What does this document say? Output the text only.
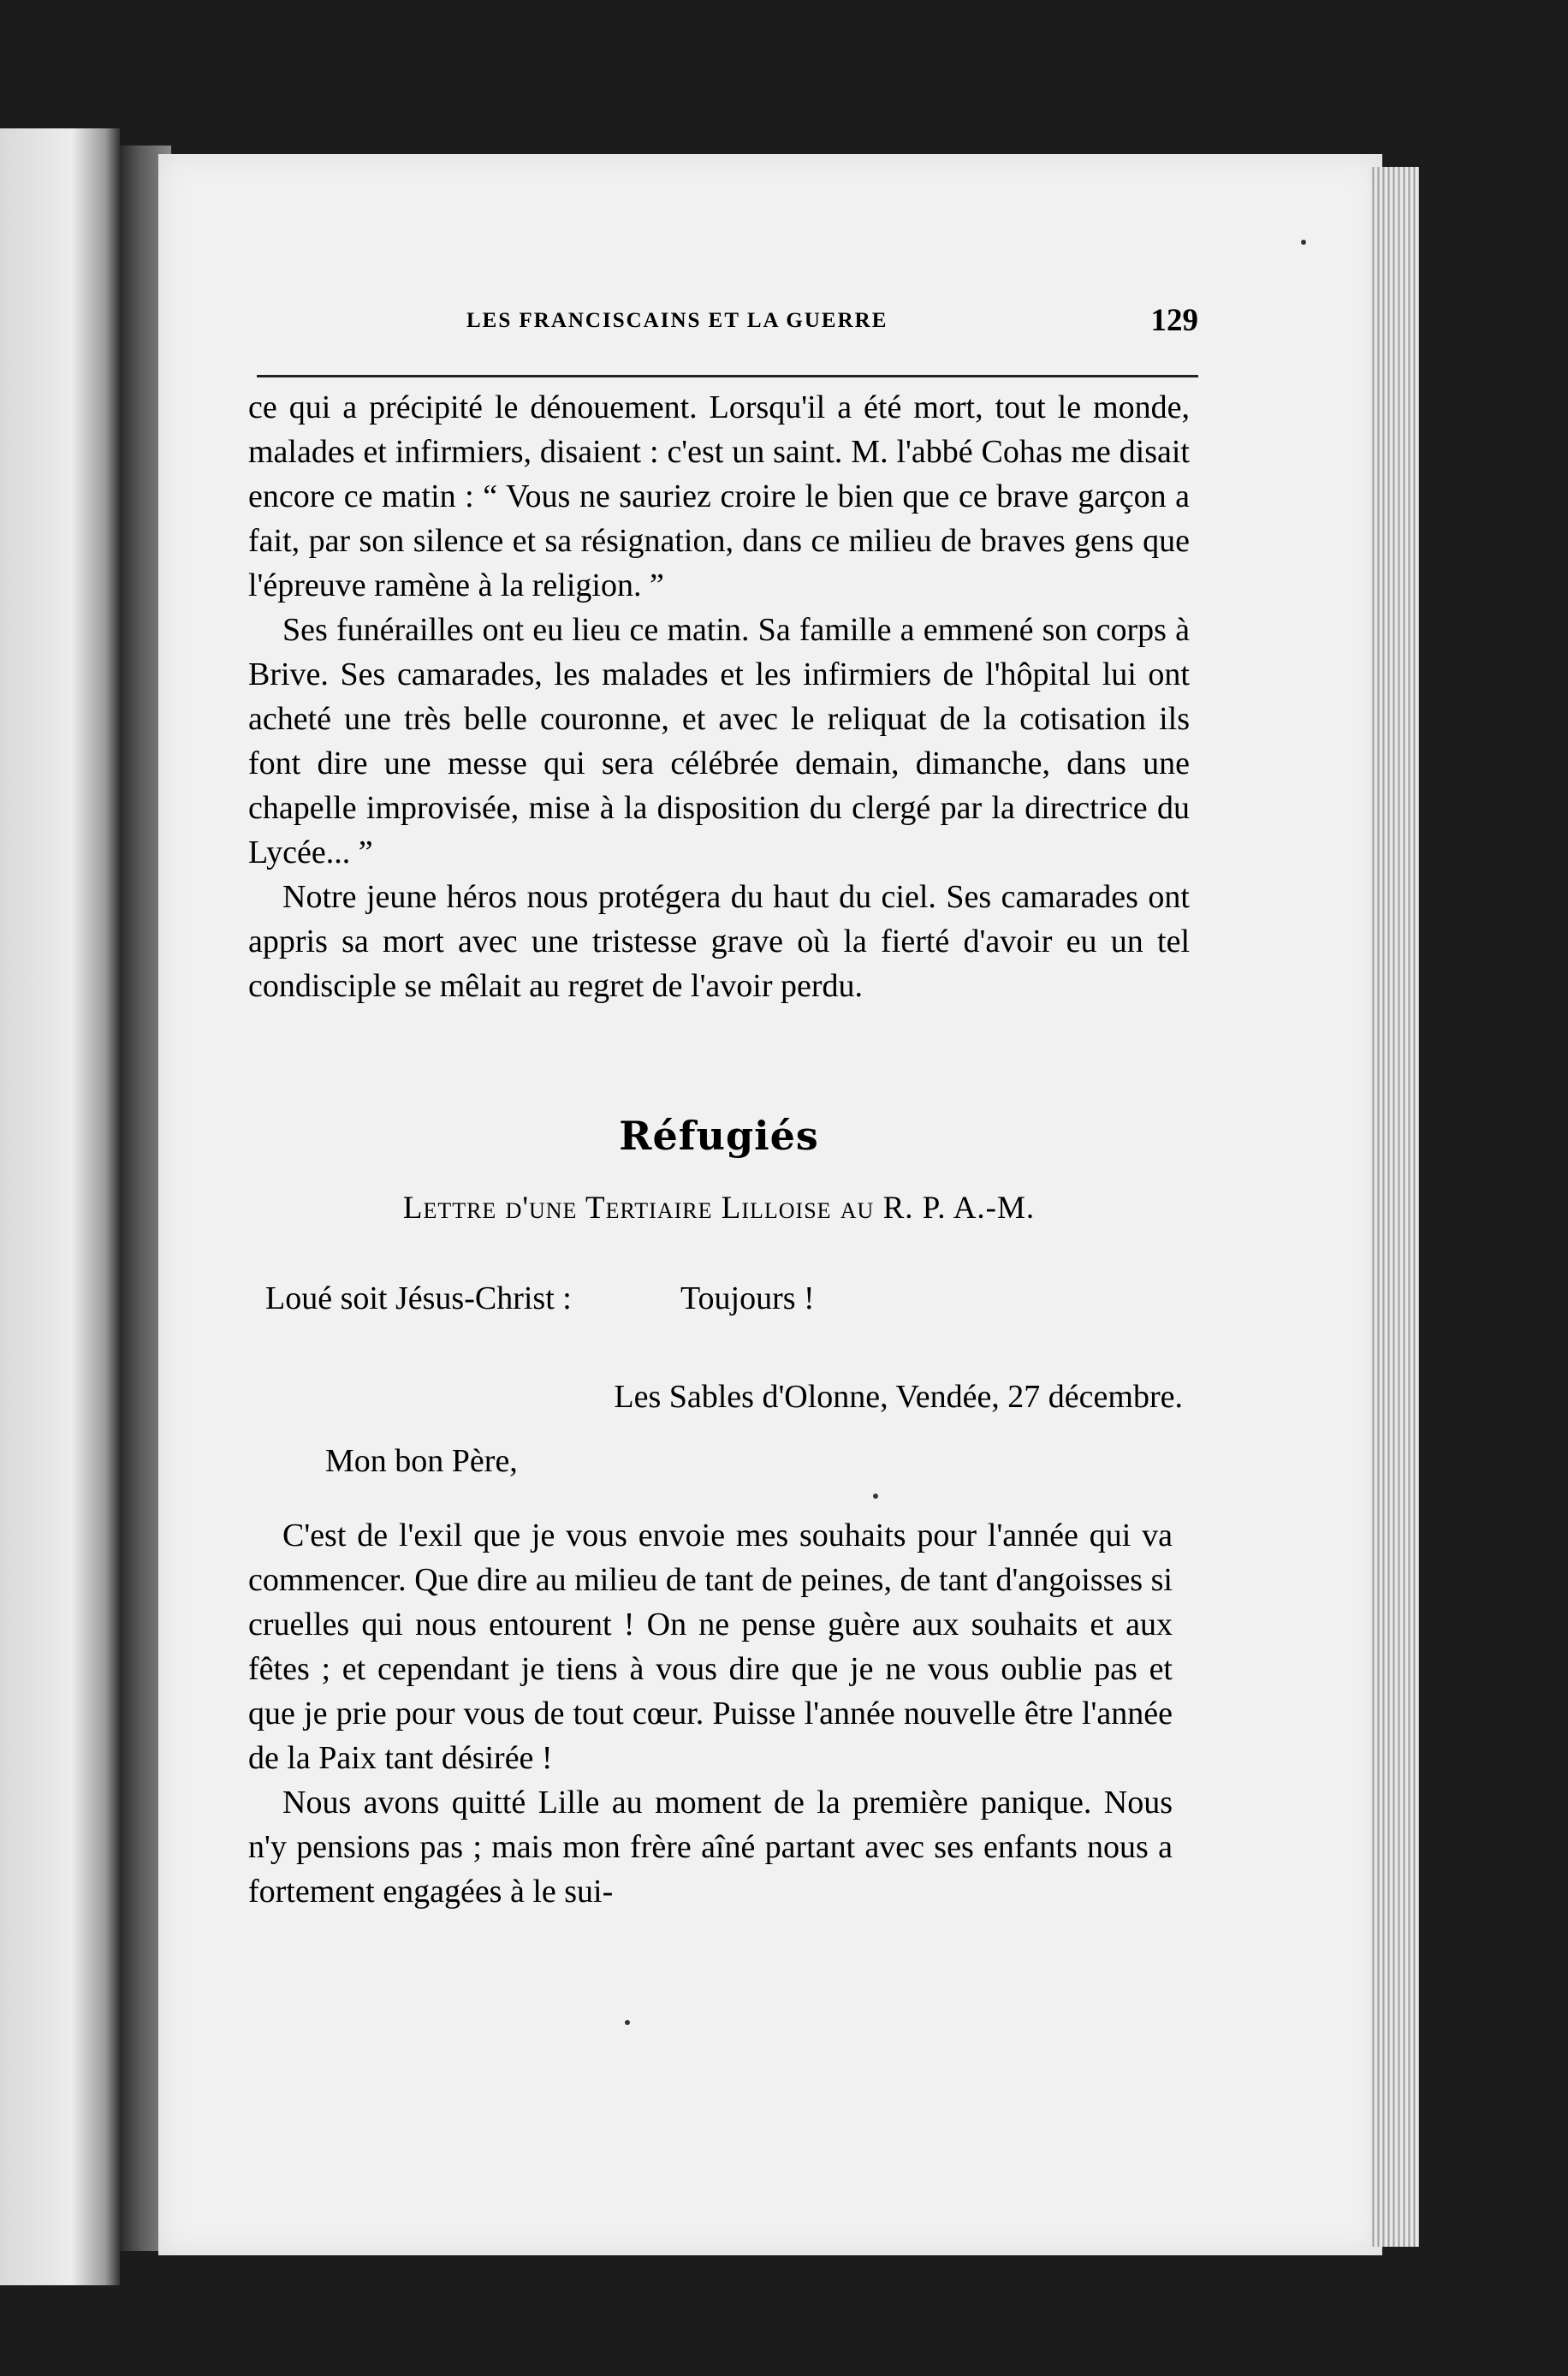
LES FRANCISCAINS ET LA GUERRE	129

ce qui a précipité le dénouement. Lorsqu'il a été mort, tout le monde, malades et infirmiers, disaient : c'est un saint. M. l'abbé Cohas me disait encore ce matin : “ Vous ne sauriez croire le bien que ce brave garçon a fait, par son silence et sa résignation, dans ce milieu de braves gens que l'épreuve ramène à la religion. ”

Ses funérailles ont eu lieu ce matin. Sa famille a emmené son corps à Brive. Ses camarades, les malades et les infirmiers de l'hôpital lui ont acheté une très belle couronne, et avec le reliquat de la cotisation ils font dire une messe qui sera célébrée demain, dimanche, dans une chapelle improvisée, mise à la disposition du clergé par la directrice du Lycée... ”

Notre jeune héros nous protégera du haut du ciel. Ses camarades ont appris sa mort avec une tristesse grave où la fierté d'avoir eu un tel condisciple se mêlait au regret de l'avoir perdu.

Réfugiés
Lettre d'une Tertiaire Lilloise au R. P. A.-M.
Loué soit Jésus-Christ :	Toujours !
Les Sables d'Olonne, Vendée, 27 décembre.
Mon bon Père,

C'est de l'exil que je vous envoie mes souhaits pour l'année qui va commencer. Que dire au milieu de tant de peines, de tant d'angoisses si cruelles qui nous entourent ! On ne pense guère aux souhaits et aux fêtes ; et cependant je tiens à vous dire que je ne vous oublie pas et que je prie pour vous de tout cœur. Puisse l'année nouvelle être l'année de la Paix tant désirée !

Nous avons quitté Lille au moment de la première panique. Nous n'y pensions pas ; mais mon frère aîné partant avec ses enfants nous a fortement engagées à le sui-
